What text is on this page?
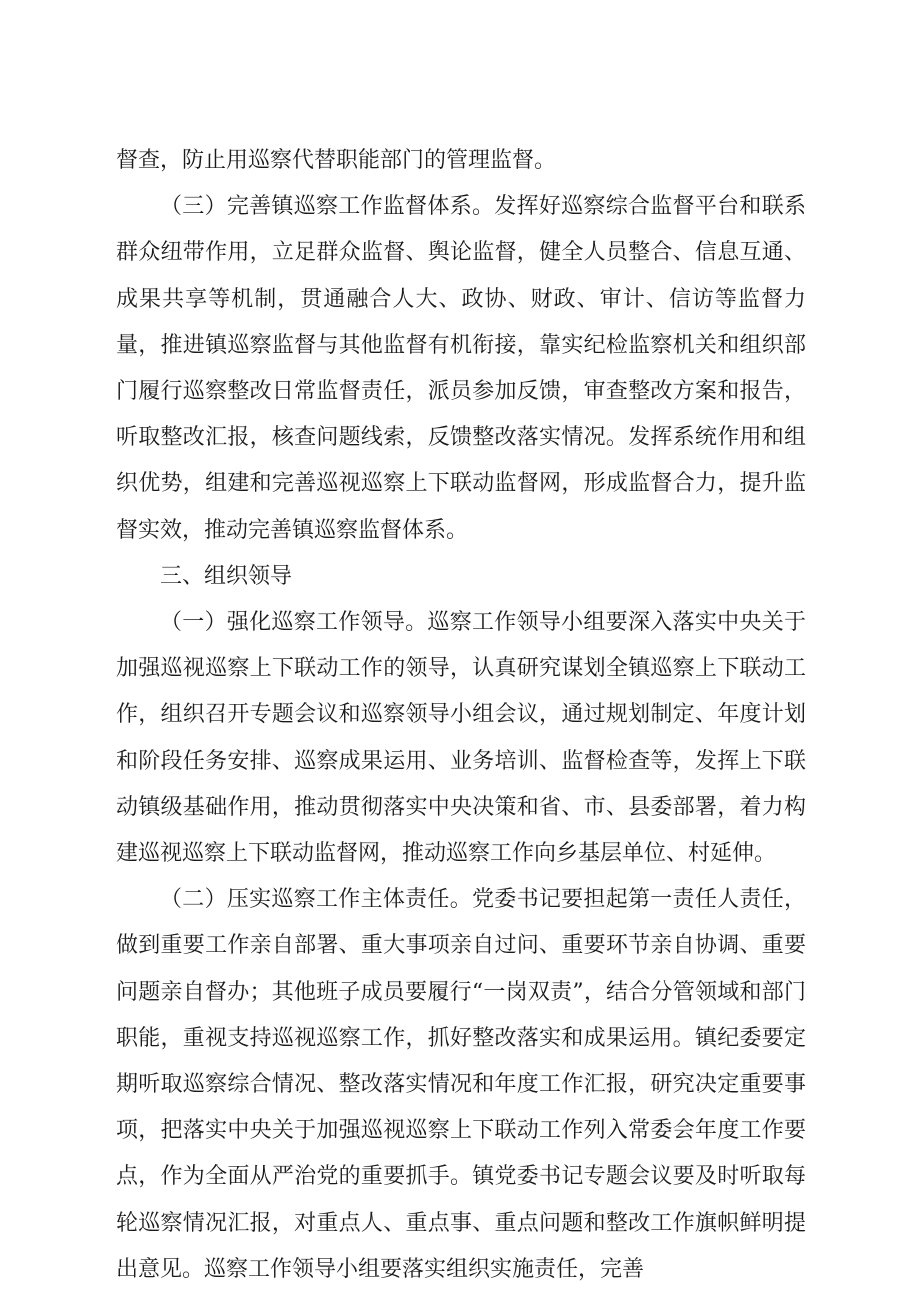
督查，防止用巡察代替职能部门的管理监督。

（三）完善镇巡察工作监督体系。发挥好巡察综合监督平台和联系群众纽带作用，立足群众监督、舆论监督，健全人员整合、信息互通、成果共享等机制，贯通融合人大、政协、财政、审计、信访等监督力量，推进镇巡察监督与其他监督有机衔接，靠实纪检监察机关和组织部门履行巡察整改日常监督责任，派员参加反馈，审查整改方案和报告，听取整改汇报，核查问题线索，反馈整改落实情况。发挥系统作用和组织优势，组建和完善巡视巡察上下联动监督网，形成监督合力，提升监督实效，推动完善镇巡察监督体系。

三、组织领导

（一）强化巡察工作领导。巡察工作领导小组要深入落实中央关于加强巡视巡察上下联动工作的领导，认真研究谋划全镇巡察上下联动工作，组织召开专题会议和巡察领导小组会议，通过规划制定、年度计划和阶段任务安排、巡察成果运用、业务培训、监督检查等，发挥上下联动镇级基础作用，推动贯彻落实中央决策和省、市、县委部署，着力构建巡视巡察上下联动监督网，推动巡察工作向乡基层单位、村延伸。

（二）压实巡察工作主体责任。党委书记要担起第一责任人责任，做到重要工作亲自部署、重大事项亲自过问、重要环节亲自协调、重要问题亲自督办；其他班子成员要履行“一岗双责”，结合分管领域和部门职能，重视支持巡视巡察工作，抓好整改落实和成果运用。镇纪委要定期听取巡察综合情况、整改落实情况和年度工作汇报，研究决定重要事项，把落实中央关于加强巡视巡察上下联动工作列入常委会年度工作要点，作为全面从严治党的重要抓手。镇党委书记专题会议要及时听取每轮巡察情况汇报，对重点人、重点事、重点问题和整改工作旗帜鲜明提出意见。巡察工作领导小组要落实组织实施责任，完善
